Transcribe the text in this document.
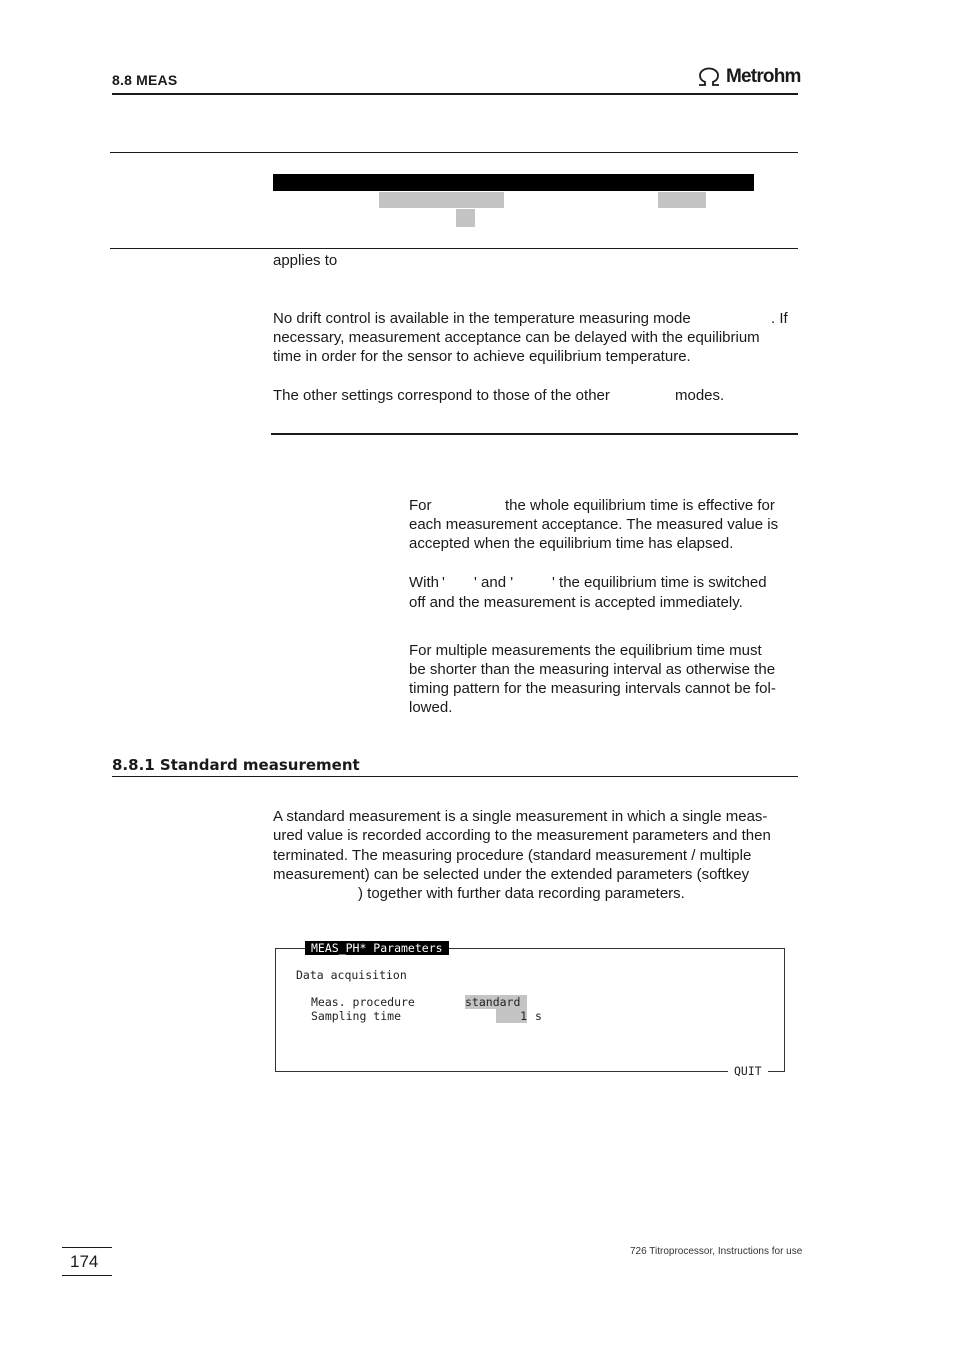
8.8 MEAS	Metrohm
applies to
No drift control is available in the temperature measuring mode	. If
necessary, measurement acceptance can be delayed with the equilibrium
time in order for the sensor to achieve equilibrium temperature.
The other settings correspond to those of the other	modes.
For	the whole equilibrium time is effective for
each measurement acceptance. The measured value is
accepted when the equilibrium time has elapsed.
With ' ' and '	' the equilibrium time is switched
off and the measurement is accepted immediately.
For multiple measurements the equilibrium time must
be shorter than the measuring interval as otherwise the
timing pattern for the measuring intervals cannot be fol-
lowed.
8.8.1 Standard measurement
A standard measurement is a single measurement in which a single meas-
ured value is recorded according to the measurement parameters and then
terminated. The measuring procedure (standard measurement / multiple
measurement) can be selected under the extended parameters (softkey
) together with further data recording parameters.
MEAS_PH* Parameters
Data acquisition
Meas. procedure	standard
Sampling time	1 s
QUIT
174
726 Titroprocessor, Instructions for use
